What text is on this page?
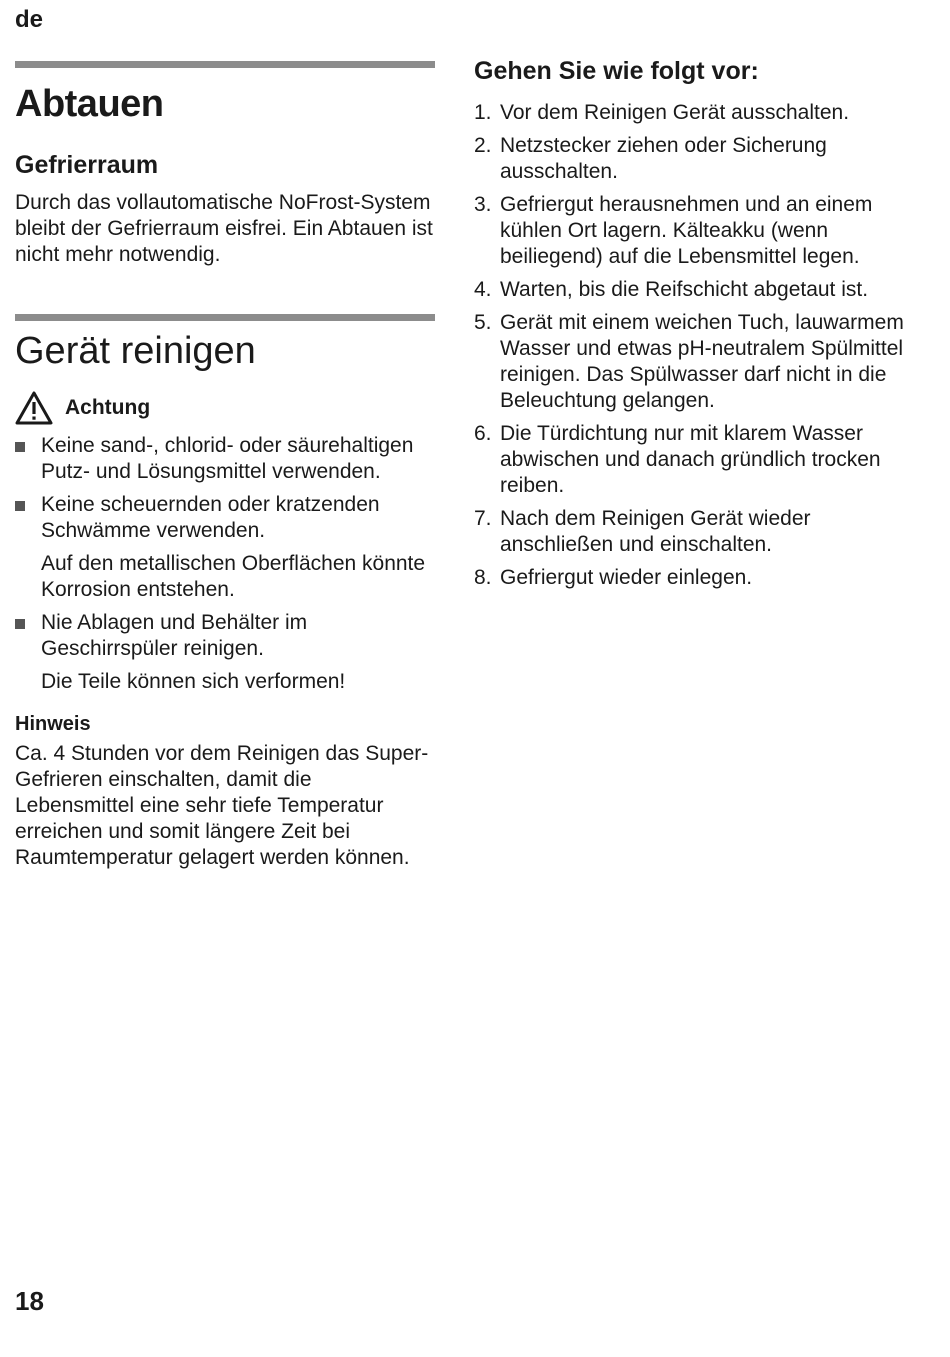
de
Abtauen
Gefrierraum

Durch das vollautomatische NoFrost-System bleibt der Gefrierraum eisfrei. Ein Abtauen ist nicht mehr notwendig.

Gerät reinigen
Achtung
Keine sand-, chlorid- oder säurehaltigen Putz- und Lösungsmittel verwenden.
Keine scheuernden oder kratzenden Schwämme verwenden.
Auf den metallischen Oberflächen könnte Korrosion entstehen.
Nie Ablagen und Behälter im Geschirrspüler reinigen.
Die Teile können sich verformen!
Hinweis

Ca. 4 Stunden vor dem Reinigen das Super-Gefrieren einschalten, damit die Lebensmittel eine sehr tiefe Temperatur erreichen und somit längere Zeit bei Raumtemperatur gelagert werden können.

Gehen Sie wie folgt vor:
1. Vor dem Reinigen Gerät ausschalten.
2. Netzstecker ziehen oder Sicherung ausschalten.
3. Gefriergut herausnehmen und an einem kühlen Ort lagern. Kälteakku (wenn beiliegend) auf die Lebensmittel legen.
4. Warten, bis die Reifschicht abgetaut ist.
5. Gerät mit einem weichen Tuch, lauwarmem Wasser und etwas pH-neutralem Spülmittel reinigen. Das Spülwasser darf nicht in die Beleuchtung gelangen.
6. Die Türdichtung nur mit klarem Wasser abwischen und danach gründlich trocken reiben.
7. Nach dem Reinigen Gerät wieder anschließen und einschalten.
8. Gefriergut wieder einlegen.
18
